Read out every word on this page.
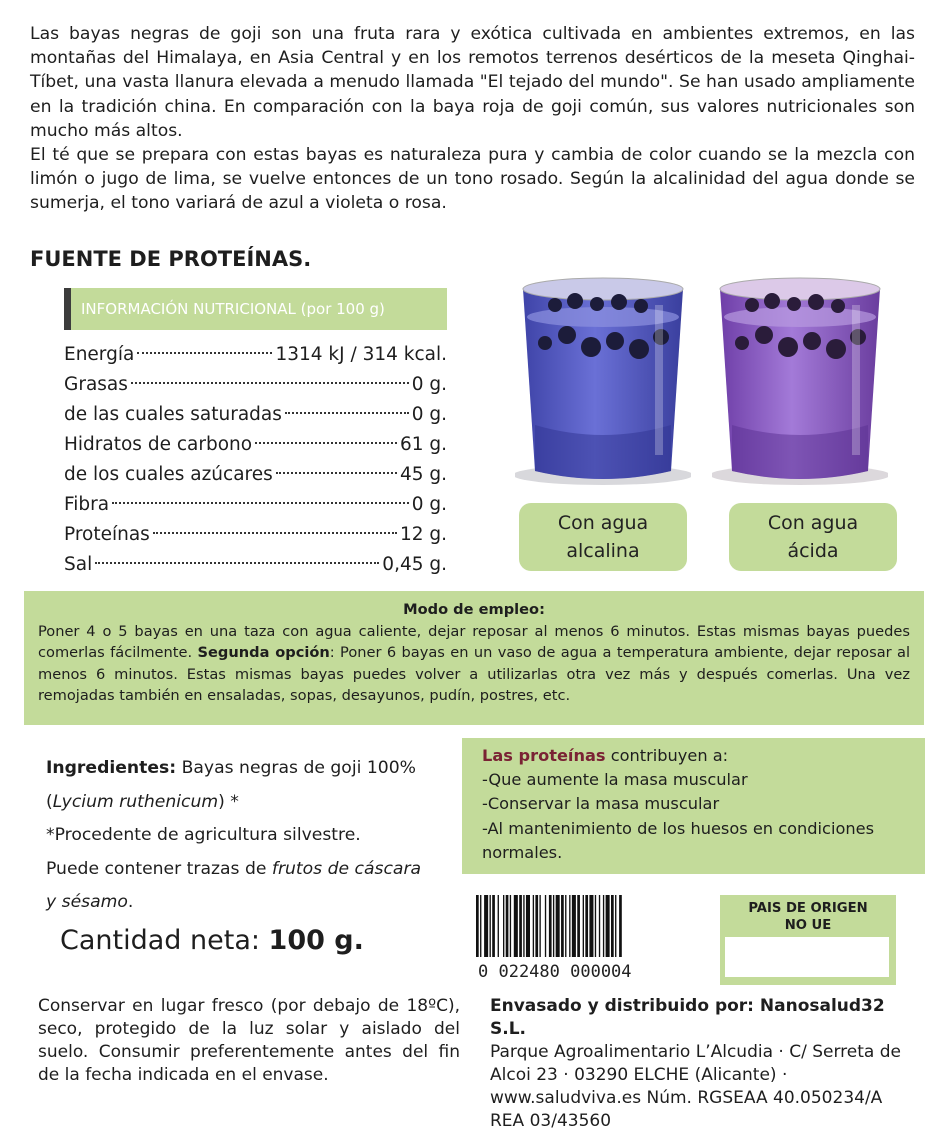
Las bayas negras de goji son una fruta rara y exótica cultivada en ambientes extremos, en las montañas del Himalaya, en Asia Central y en los remotos terrenos desérticos de la meseta Qinghai-Tíbet, una vasta llanura elevada a menudo llamada "El tejado del mundo". Se han usado ampliamente en la tradición china. En comparación con la baya roja de goji común, sus valores nutricionales son mucho más altos.

El té que se prepara con estas bayas es naturaleza pura y cambia de color cuando se la mezcla con limón o jugo de lima, se vuelve entonces de un tono rosado. Según la alcalinidad del agua donde se sumerja, el tono variará de azul a violeta o rosa.

FUENTE DE PROTEÍNAS.
INFORMACIÓN NUTRICIONAL (por 100 g)
Energía	1314 kJ / 314 kcal.
Grasas	0 g.
de las cuales saturadas	0 g.
Hidratos de carbono	61 g.
de los cuales azúcares	45 g.
Fibra	0 g.
Proteínas	12 g.
Sal	0,45 g.
Con agua
alcalina
Con agua
ácida
Modo de empleo:
Poner 4 o 5 bayas en una taza con agua caliente, dejar reposar al menos 6 minutos. Estas mismas bayas puedes comerlas fácilmente. Segunda opción: Poner 6 bayas en un vaso de agua a temperatura ambiente, dejar reposar al menos 6 minutos. Estas mismas bayas puedes volver a utilizarlas otra vez más y después comerlas. Una vez remojadas también en ensaladas, sopas, desayunos, pudín, postres, etc.

Ingredientes: Bayas negras de goji 100% (Lycium ruthenicum) *

*Procedente de agricultura silvestre.

Puede contener trazas de frutos de cáscara y sésamo.

Las proteínas contribuyen a:
-Que aumente la masa muscular
-Conservar la masa muscular
-Al mantenimiento de los huesos en condiciones normales.
Cantidad neta: 100 g.
0 022480 000004
PAIS DE ORIGEN
NO UE

Conservar en lugar fresco (por debajo de 18ºC), seco, protegido de la luz solar y aislado del suelo. Consumir preferentemente antes del fin de la fecha indicada en el envase.

Envasado y distribuido por: Nanosalud32 S.L.
Parque Agroalimentario L’Alcudia · C/ Serreta de Alcoi 23 · 03290 ELCHE (Alicante) · www.saludviva.es Núm. RGSEAA 40.050234/A REA 03/43560
